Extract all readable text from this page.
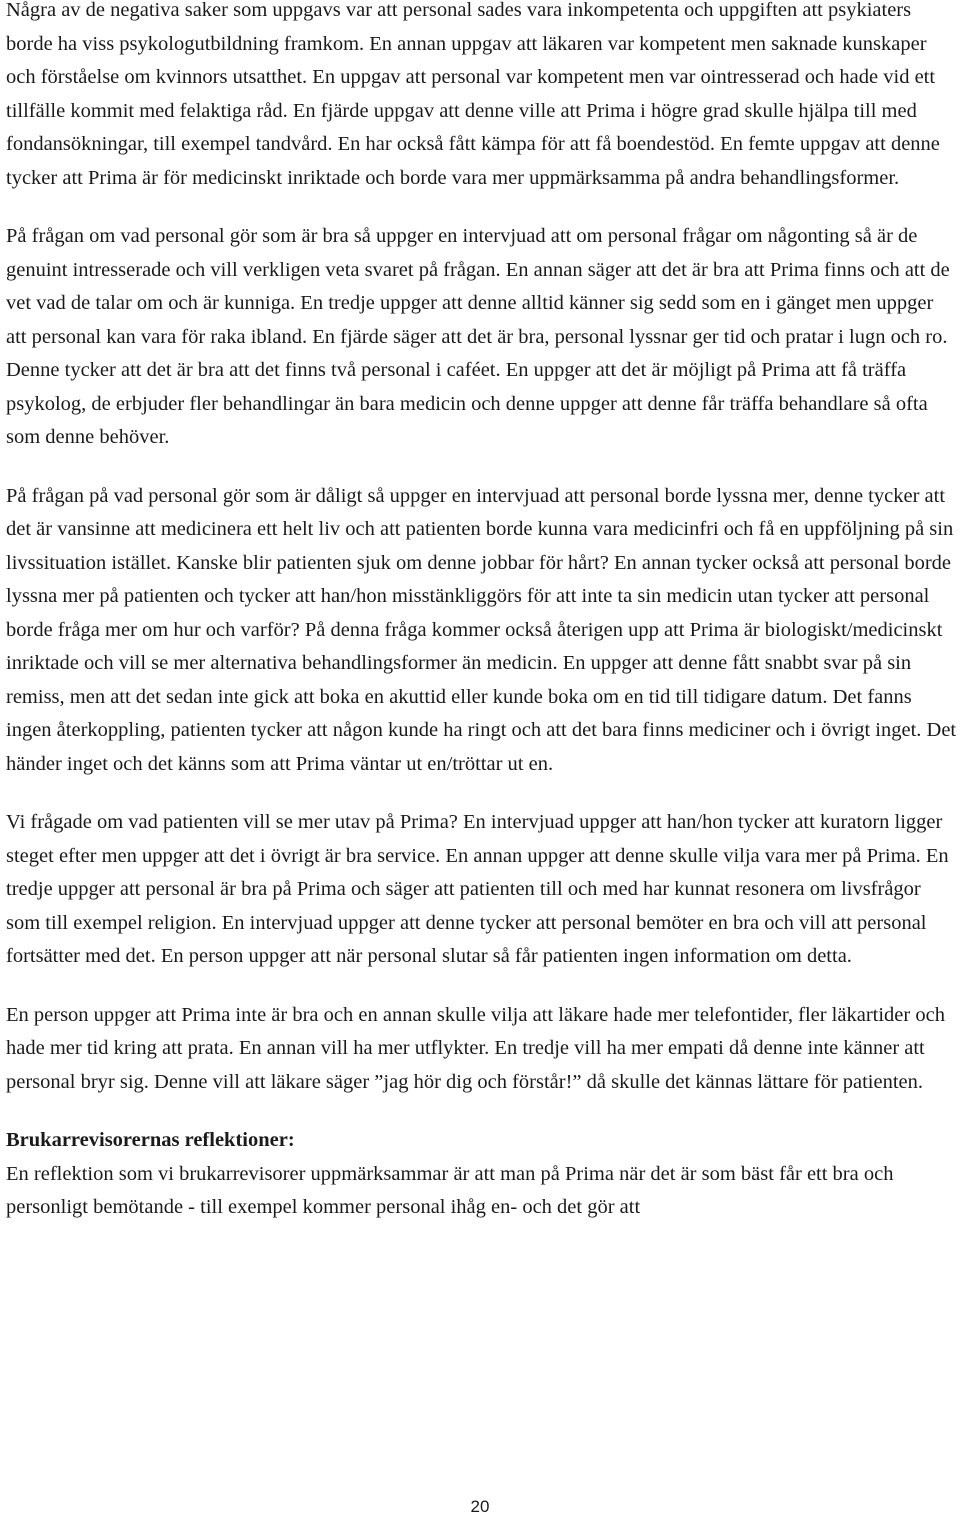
Några av de negativa saker som uppgavs var att personal sades vara inkompetenta och uppgiften att psykiaters borde ha viss psykologutbildning framkom. En annan uppgav att läkaren var kompetent men saknade kunskaper och förståelse om kvinnors utsatthet. En uppgav att personal var kompetent men var ointresserad och hade vid ett tillfälle kommit med felaktiga råd. En fjärde uppgav att denne ville att Prima i högre grad skulle hjälpa till med fondansökningar, till exempel tandvård. En har också fått kämpa för att få boendestöd. En femte uppgav att denne tycker att Prima är för medicinskt inriktade och borde vara mer uppmärksamma på andra behandlingsformer.

På frågan om vad personal gör som är bra så uppger en intervjuad att om personal frågar om någonting så är de genuint intresserade och vill verkligen veta svaret på frågan. En annan säger att det är bra att Prima finns och att de vet vad de talar om och är kunniga. En tredje uppger att denne alltid känner sig sedd som en i gänget men uppger att personal kan vara för raka ibland. En fjärde säger att det är bra, personal lyssnar ger tid och pratar i lugn och ro. Denne tycker att det är bra att det finns två personal i caféet. En uppger att det är möjligt på Prima att få träffa psykolog, de erbjuder fler behandlingar än bara medicin och denne uppger att denne får träffa behandlare så ofta som denne behöver.

På frågan på vad personal gör som är dåligt så uppger en intervjuad att personal borde lyssna mer, denne tycker att det är vansinne att medicinera ett helt liv och att patienten borde kunna vara medicinfri och få en uppföljning på sin livssituation istället. Kanske blir patienten sjuk om denne jobbar för hårt? En annan tycker också att personal borde lyssna mer på patienten och tycker att han/hon misstänkliggörs för att inte ta sin medicin utan tycker att personal borde fråga mer om hur och varför? På denna fråga kommer också återigen upp att Prima är biologiskt/medicinskt inriktade och vill se mer alternativa behandlingsformer än medicin. En uppger att denne fått snabbt svar på sin remiss, men att det sedan inte gick att boka en akuttid eller kunde boka om en tid till tidigare datum. Det fanns ingen återkoppling, patienten tycker att någon kunde ha ringt och att det bara finns mediciner och i övrigt inget. Det händer inget och det känns som att Prima väntar ut en/tröttar ut en.

Vi frågade om vad patienten vill se mer utav på Prima? En intervjuad uppger att han/hon tycker att kuratorn ligger steget efter men uppger att det i övrigt är bra service. En annan uppger att denne skulle vilja vara mer på Prima. En tredje uppger att personal är bra på Prima och säger att patienten till och med har kunnat resonera om livsfrågor som till exempel religion. En intervjuad uppger att denne tycker att personal bemöter en bra och vill att personal fortsätter med det. En person uppger att när personal slutar så får patienten ingen information om detta.

En person uppger att Prima inte är bra och en annan skulle vilja att läkare hade mer telefontider, fler läkartider och hade mer tid kring att prata. En annan vill ha mer utflykter. En tredje vill ha mer empati då denne inte känner att personal bryr sig. Denne vill att läkare säger ”jag hör dig och förstår!” då skulle det kännas lättare för patienten.

Brukarrevisorernas reflektioner:

En reflektion som vi brukarrevisorer uppmärksammar är att man på Prima när det är som bäst får ett bra och personligt bemötande - till exempel kommer personal ihåg en- och det gör att

20
